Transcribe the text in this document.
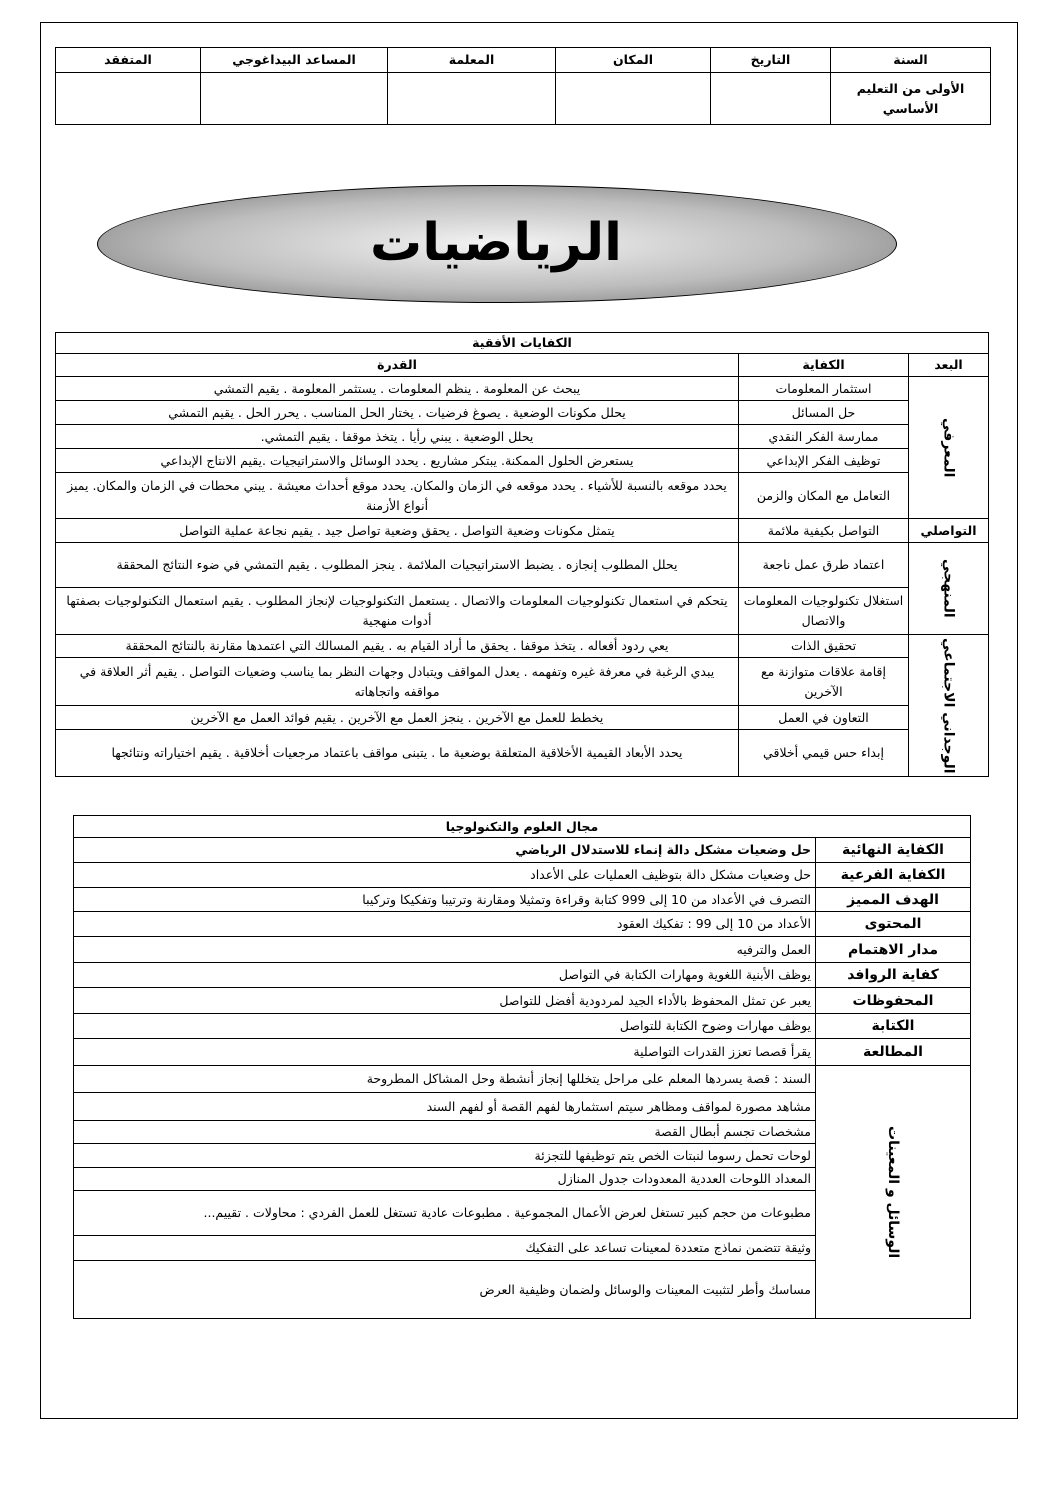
السنة	التاريخ	المكان	المعلمة	المساعد البيداغوجي	المتفقد
الأولى من التعليم الأساسي					
الرياضيات
الكفايات الأفقية		
البعد	الكفاية	القدرة
المعرفي	استثمار المعلومات	يبحث عن المعلومة . ينظم المعلومات . يستثمر المعلومة . يقيم التمشي
	حل المسائل	يحلل مكونات الوضعية . يصوغ فرضيات . يختار الحل المناسب . يحرر الحل . يقيم التمشي
	ممارسة الفكر النقدي	يحلل الوضعية . يبني رأيا . يتخذ موقفا . يقيم التمشي.
	توظيف الفكر الإبداعي	يستعرض الحلول الممكنة. يبتكر مشاريع . يحدد الوسائل والاستراتيجيات .يقيم الانتاج الإبداعي
	التعامل مع المكان والزمن	يحدد موقعه بالنسبة للأشياء . يحدد موقعه في الزمان والمكان. يحدد موقع أحداث معيشة . يبني محطات في الزمان والمكان. يميز أنواع الأزمنة
التواصلي	التواصل بكيفية ملائمة	يتمثل مكونات وضعية التواصل . يحقق وضعية تواصل جيد . يقيم نجاعة عملية التواصل
المنهجي	اعتماد طرق عمل ناجعة	يحلل المطلوب إنجازه . يضبط الاستراتيجيات الملائمة . ينجز المطلوب . يقيم التمشي في ضوء النتائج المحققة
	استغلال تكنولوجيات المعلومات والاتصال	يتحكم في استعمال تكنولوجيات المعلومات والاتصال . يستعمل التكنولوجيات لإنجاز المطلوب . يقيم استعمال التكنولوجيات بصفتها أدوات منهجية
الوجداني الاجتماعي	تحقيق الذات	يعي ردود أفعاله . يتخذ موقفا . يحقق ما أراد القيام به . يقيم المسالك التي اعتمدها مقارنة بالنتائج المحققة
	إقامة علاقات متوازنة مع الآخرين	يبدي الرغبة في معرفة غيره وتفهمه . يعدل المواقف ويتبادل وجهات النظر بما يناسب وضعيات التواصل . يقيم أثر العلاقة في مواقفه واتجاهاته
	التعاون في العمل	يخطط للعمل مع الآخرين . ينجز العمل مع الآخرين . يقيم فوائد العمل مع الآخرين
	إبداء حس قيمي أخلاقي	يحدد الأبعاد القيمية الأخلاقية المتعلقة بوضعية ما . يتبنى مواقف باعتماد مرجعيات أخلاقية . يقيم اختياراته ونتائجها
مجال العلوم والتكنولوجيا	
الكفاية النهائية	حل وضعيات مشكل دالة إنماء للاستدلال الرياضي
الكفاية الفرعية	حل وضعيات مشكل دالة بتوظيف العمليات على الأعداد
الهدف المميز	التصرف في الأعداد من 10 إلى 999 كتابة وقراءة وتمثيلا ومقارنة وترتيبا وتفكيكا وتركيبا
المحتوى	الأعداد من 10 إلى 99 : تفكيك العقود
مدار الاهتمام	العمل والترفيه
كفاية الروافد	يوظف الأبنية اللغوية ومهارات الكتابة في التواصل
المحفوظات	يعبر عن تمثل المحفوظ بالأداء الجيد لمردودية أفضل للتواصل
الكتابة	يوظف مهارات وضوح الكتابة للتواصل
المطالعة	يقرأ قصصا تعزز القدرات التواصلية
الوسائل و المعينات	السند : قصة يسردها المعلم على مراحل يتخللها إنجاز أنشطة وحل المشاكل المطروحة
	مشاهد مصورة لمواقف ومظاهر سيتم استثمارها لفهم القصة أو لفهم السند
	مشخصات تجسم أبطال القصة
	لوحات تحمل رسوما لنبتات الخص يتم توظيفها للتجزئة
	المعداد اللوحات العددية المعدودات جدول المنازل
	مطبوعات من حجم كبير تستغل لعرض الأعمال المجموعية . مطبوعات عادية تستغل للعمل الفردي : محاولات . تقييم...
	وثيقة تتضمن نماذج متعددة لمعينات تساعد على التفكيك
	مساسك وأطر لتثبيت المعينات والوسائل ولضمان وظيفية العرض
